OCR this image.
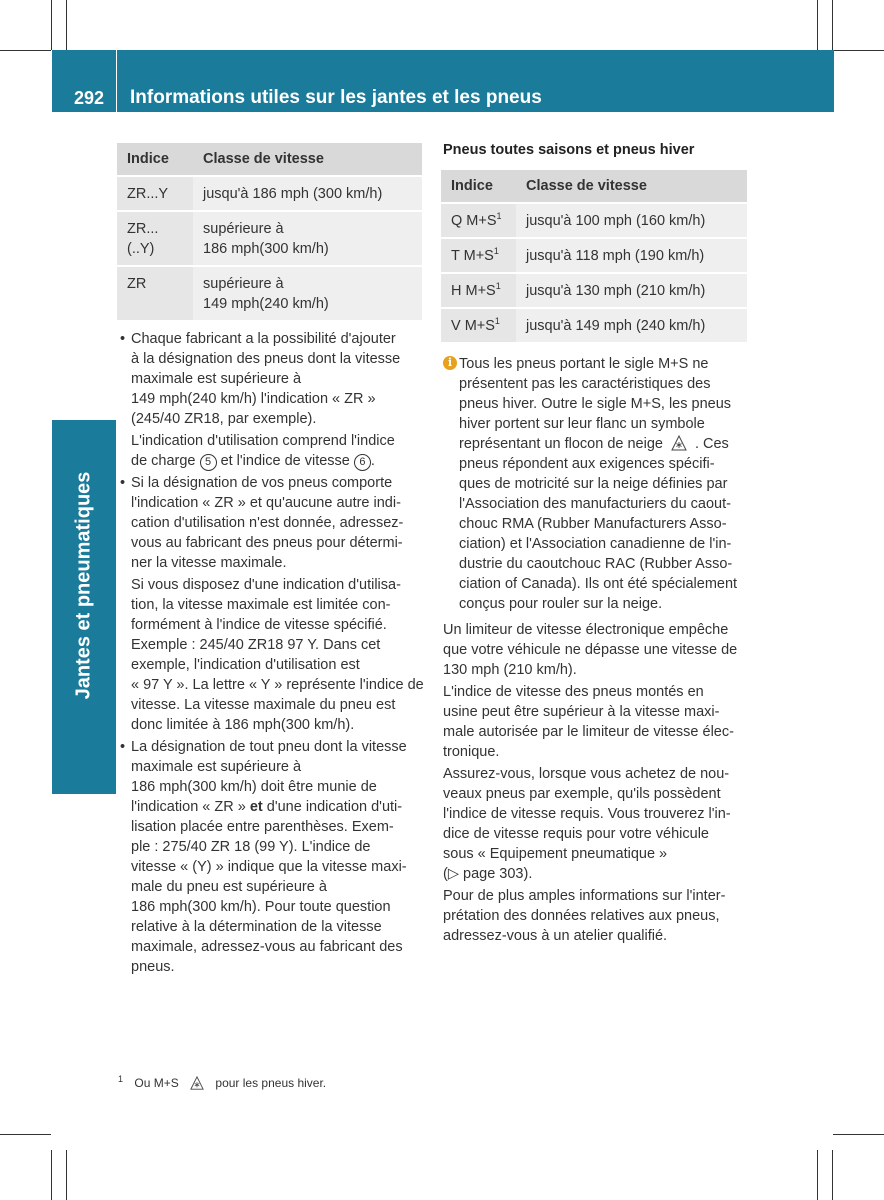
292	Informations utiles sur les jantes et les pneus
Jantes et pneumatiques
Indice	Classe de vitesse
ZR...Y	jusqu'à 186 mph (300 km/h)
ZR...(..Y)	supérieure à
186 mph(300 km/h)
ZR	supérieure à
149 mph(240 km/h)
• Chaque fabricant a la possibilité d'ajouter
à la désignation des pneus dont la vitesse
maximale est supérieure à
149 mph(240 km/h) l'indication « ZR »
(245/40 ZR18, par exemple).
L'indication d'utilisation comprend l'indice
de charge 5 et l'indice de vitesse 6 .
• Si la désignation de vos pneus comporte
l'indication « ZR » et qu'aucune autre indi-
cation d'utilisation n'est donnée, adressez-
vous au fabricant des pneus pour détermi-
ner la vitesse maximale.
Si vous disposez d'une indication d'utilisa-
tion, la vitesse maximale est limitée con-
formément à l'indice de vitesse spécifié.
Exemple : 245/40 ZR18 97 Y. Dans cet
exemple, l'indication d'utilisation est
« 97 Y ». La lettre « Y » représente l'indice de
vitesse. La vitesse maximale du pneu est
donc limitée à 186 mph(300 km/h).
• La désignation de tout pneu dont la vitesse
maximale est supérieure à
186 mph(300 km/h) doit être munie de
l'indication « ZR » et d'une indication d'uti-
lisation placée entre parenthèses. Exem-
ple : 275/40 ZR 18 (99 Y). L'indice de
vitesse « (Y) » indique que la vitesse maxi-
male du pneu est supérieure à
186 mph(300 km/h). Pour toute question
relative à la détermination de la vitesse
maximale, adressez-vous au fabricant des
pneus.
Pneus toutes saisons et pneus hiver
Indice	Classe de vitesse
Q $M+S^1$	jusqu'à 100 mph (160 km/h)
T $M+S^1$	jusqu'à 118 mph (190 km/h)
H $M+S^1$	jusqu'à 130 mph (210 km/h)
V $M+S^1$	jusqu'à 149 mph (240 km/h)
i Tous les pneus portant le sigle M+S ne
présentent pas les caractéristiques des
pneus hiver. Outre le sigle M+S, les pneus
hiver portent sur leur flanc un symbole
représentant un flocon de neige . Ces
pneus répondent aux exigences spécifi-
ques de motricité sur la neige définies par
l'Association des manufacturiers du caout-
chouc RMA (Rubber Manufacturers Asso-
ciation) et l'Association canadienne de l'in-
dustrie du caoutchouc RAC (Rubber Asso-
ciation of Canada). Ils ont été spécialement
conçus pour rouler sur la neige.

Un limiteur de vitesse électronique empêche
que votre véhicule ne dépasse une vitesse de
130 mph (210 km/h).

L'indice de vitesse des pneus montés en
usine peut être supérieur à la vitesse maxi-
male autorisée par le limiteur de vitesse élec-
tronique.

Assurez-vous, lorsque vous achetez de nou-
veaux pneus par exemple, qu'ils possèdent
l'indice de vitesse requis. Vous trouverez l'in-
dice de vitesse requis pour votre véhicule
sous « Equipement pneumatique »
(▷ page 303).

Pour de plus amples informations sur l'inter-
prétation des données relatives aux pneus,
adressez-vous à un atelier qualifié.

$^1$ Ou M+S	pour les pneus hiver.
